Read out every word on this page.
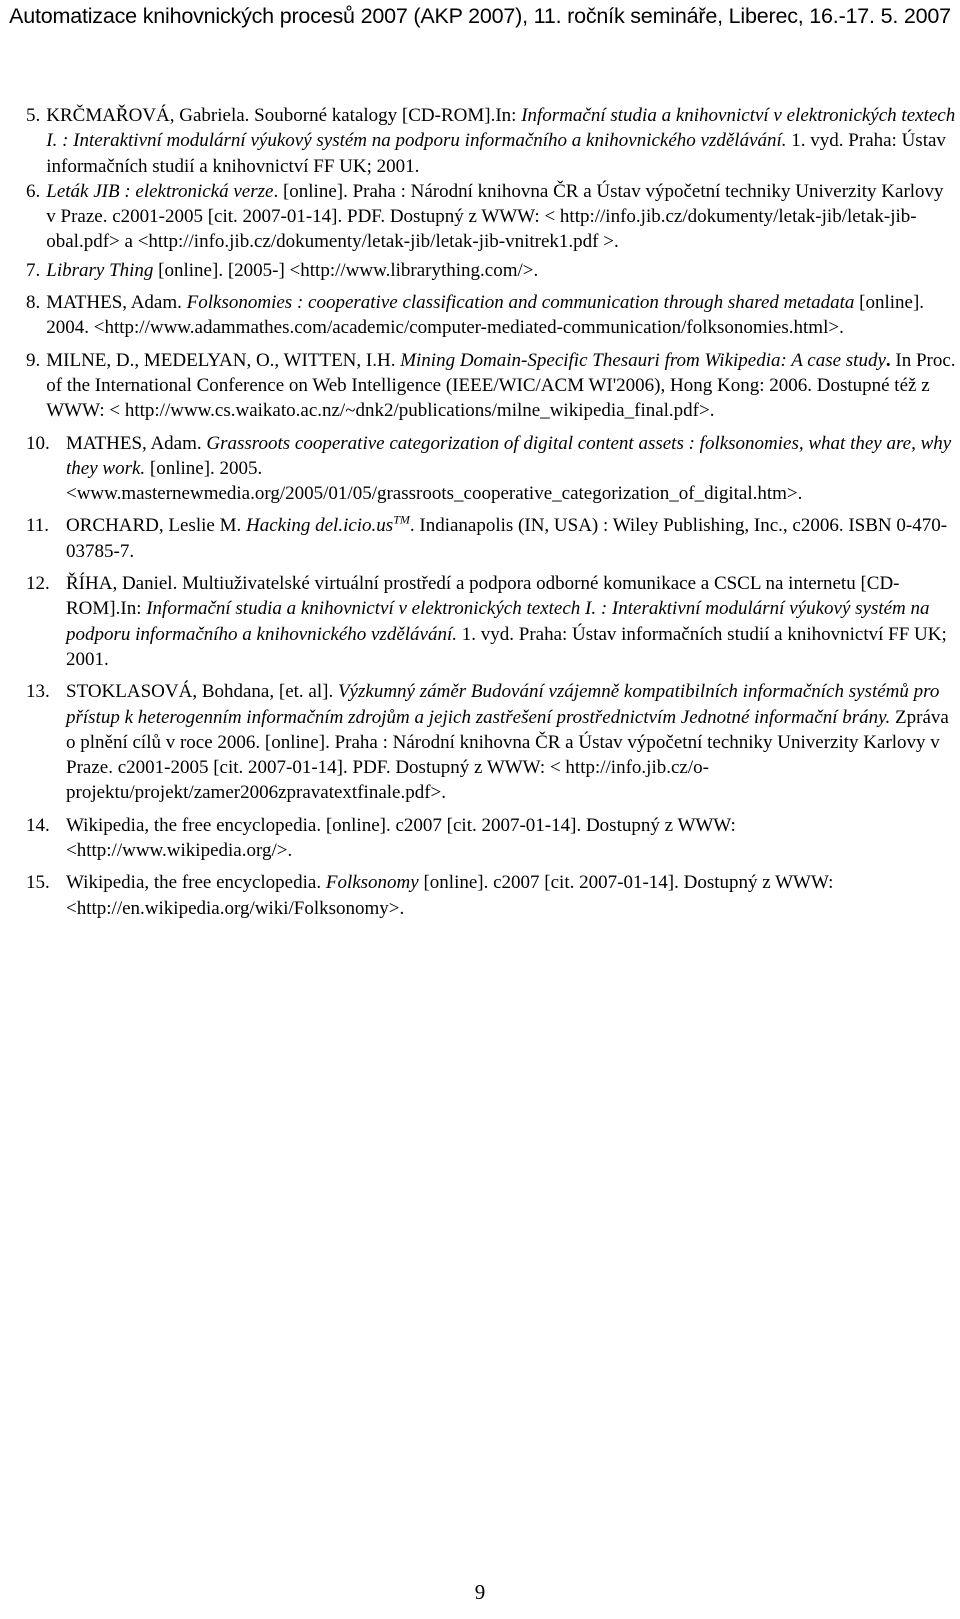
Automatizace knihovnických procesů 2007 (AKP 2007), 11. ročník semináře, Liberec, 16.-17. 5. 2007
5. KRČMAŘOVÁ, Gabriela. Souborné katalogy [CD-ROM].In: Informační studia a knihovnictví v elektronických textech I. : Interaktivní modulární výukový systém na podporu informačního a knihovnického vzdělávání. 1. vyd. Praha: Ústav informačních studií a knihovnictví FF UK; 2001.
6. Leták JIB : elektronická verze. [online]. Praha : Národní knihovna ČR a Ústav výpočetní techniky Univerzity Karlovy v Praze. c2001-2005 [cit. 2007-01-14]. PDF. Dostupný z WWW: < http://info.jib.cz/dokumenty/letak-jib/letak-jib-obal.pdf> a <http://info.jib.cz/dokumenty/letak-jib/letak-jib-vnitrek1.pdf >.
7. Library Thing [online]. [2005-] <http://www.librarything.com/>.
8. MATHES, Adam. Folksonomies : cooperative classification and communication through shared metadata [online]. 2004. <http://www.adammathes.com/academic/computer-mediated-communication/folksonomies.html>.
9. MILNE, D., MEDELYAN, O., WITTEN, I.H. Mining Domain-Specific Thesauri from Wikipedia: A case study. In Proc. of the International Conference on Web Intelligence (IEEE/WIC/ACM WI'2006), Hong Kong: 2006. Dostupné též z WWW: < http://www.cs.waikato.ac.nz/~dnk2/publications/milne_wikipedia_final.pdf>.
10. MATHES, Adam. Grassroots cooperative categorization of digital content assets : folksonomies, what they are, why they work. [online]. 2005. <www.masternewmedia.org/2005/01/05/grassroots_cooperative_categorization_of_digital.htm>.
11. ORCHARD, Leslie M. Hacking del.icio.us™. Indianapolis (IN, USA) : Wiley Publishing, Inc., c2006. ISBN 0-470-03785-7.
12. ŘÍHA, Daniel. Multiuživatelské virtuální prostředí a podpora odborné komunikace a CSCL na internetu [CD-ROM].In: Informační studia a knihovnictví v elektronických textech I. : Interaktivní modulární výukový systém na podporu informačního a knihovnického vzdělávání. 1. vyd. Praha: Ústav informačních studií a knihovnictví FF UK; 2001.
13. STOKLASOVÁ, Bohdana, [et. al]. Výzkumný záměr Budování vzájemně kompatibilních informačních systémů pro přístup k heterogenním informačním zdrojům a jejich zastřešení prostřednictvím Jednotné informační brány. Zpráva o plnění cílů v roce 2006. [online]. Praha : Národní knihovna ČR a Ústav výpočetní techniky Univerzity Karlovy v Praze. c2001-2005 [cit. 2007-01-14]. PDF. Dostupný z WWW: < http://info.jib.cz/o-projektu/projekt/zamer2006zpravatextfinale.pdf>.
14. Wikipedia, the free encyclopedia. [online]. c2007 [cit. 2007-01-14]. Dostupný z WWW: <http://www.wikipedia.org/>.
15. Wikipedia, the free encyclopedia. Folksonomy [online]. c2007 [cit. 2007-01-14]. Dostupný z WWW: <http://en.wikipedia.org/wiki/Folksonomy>.
9
